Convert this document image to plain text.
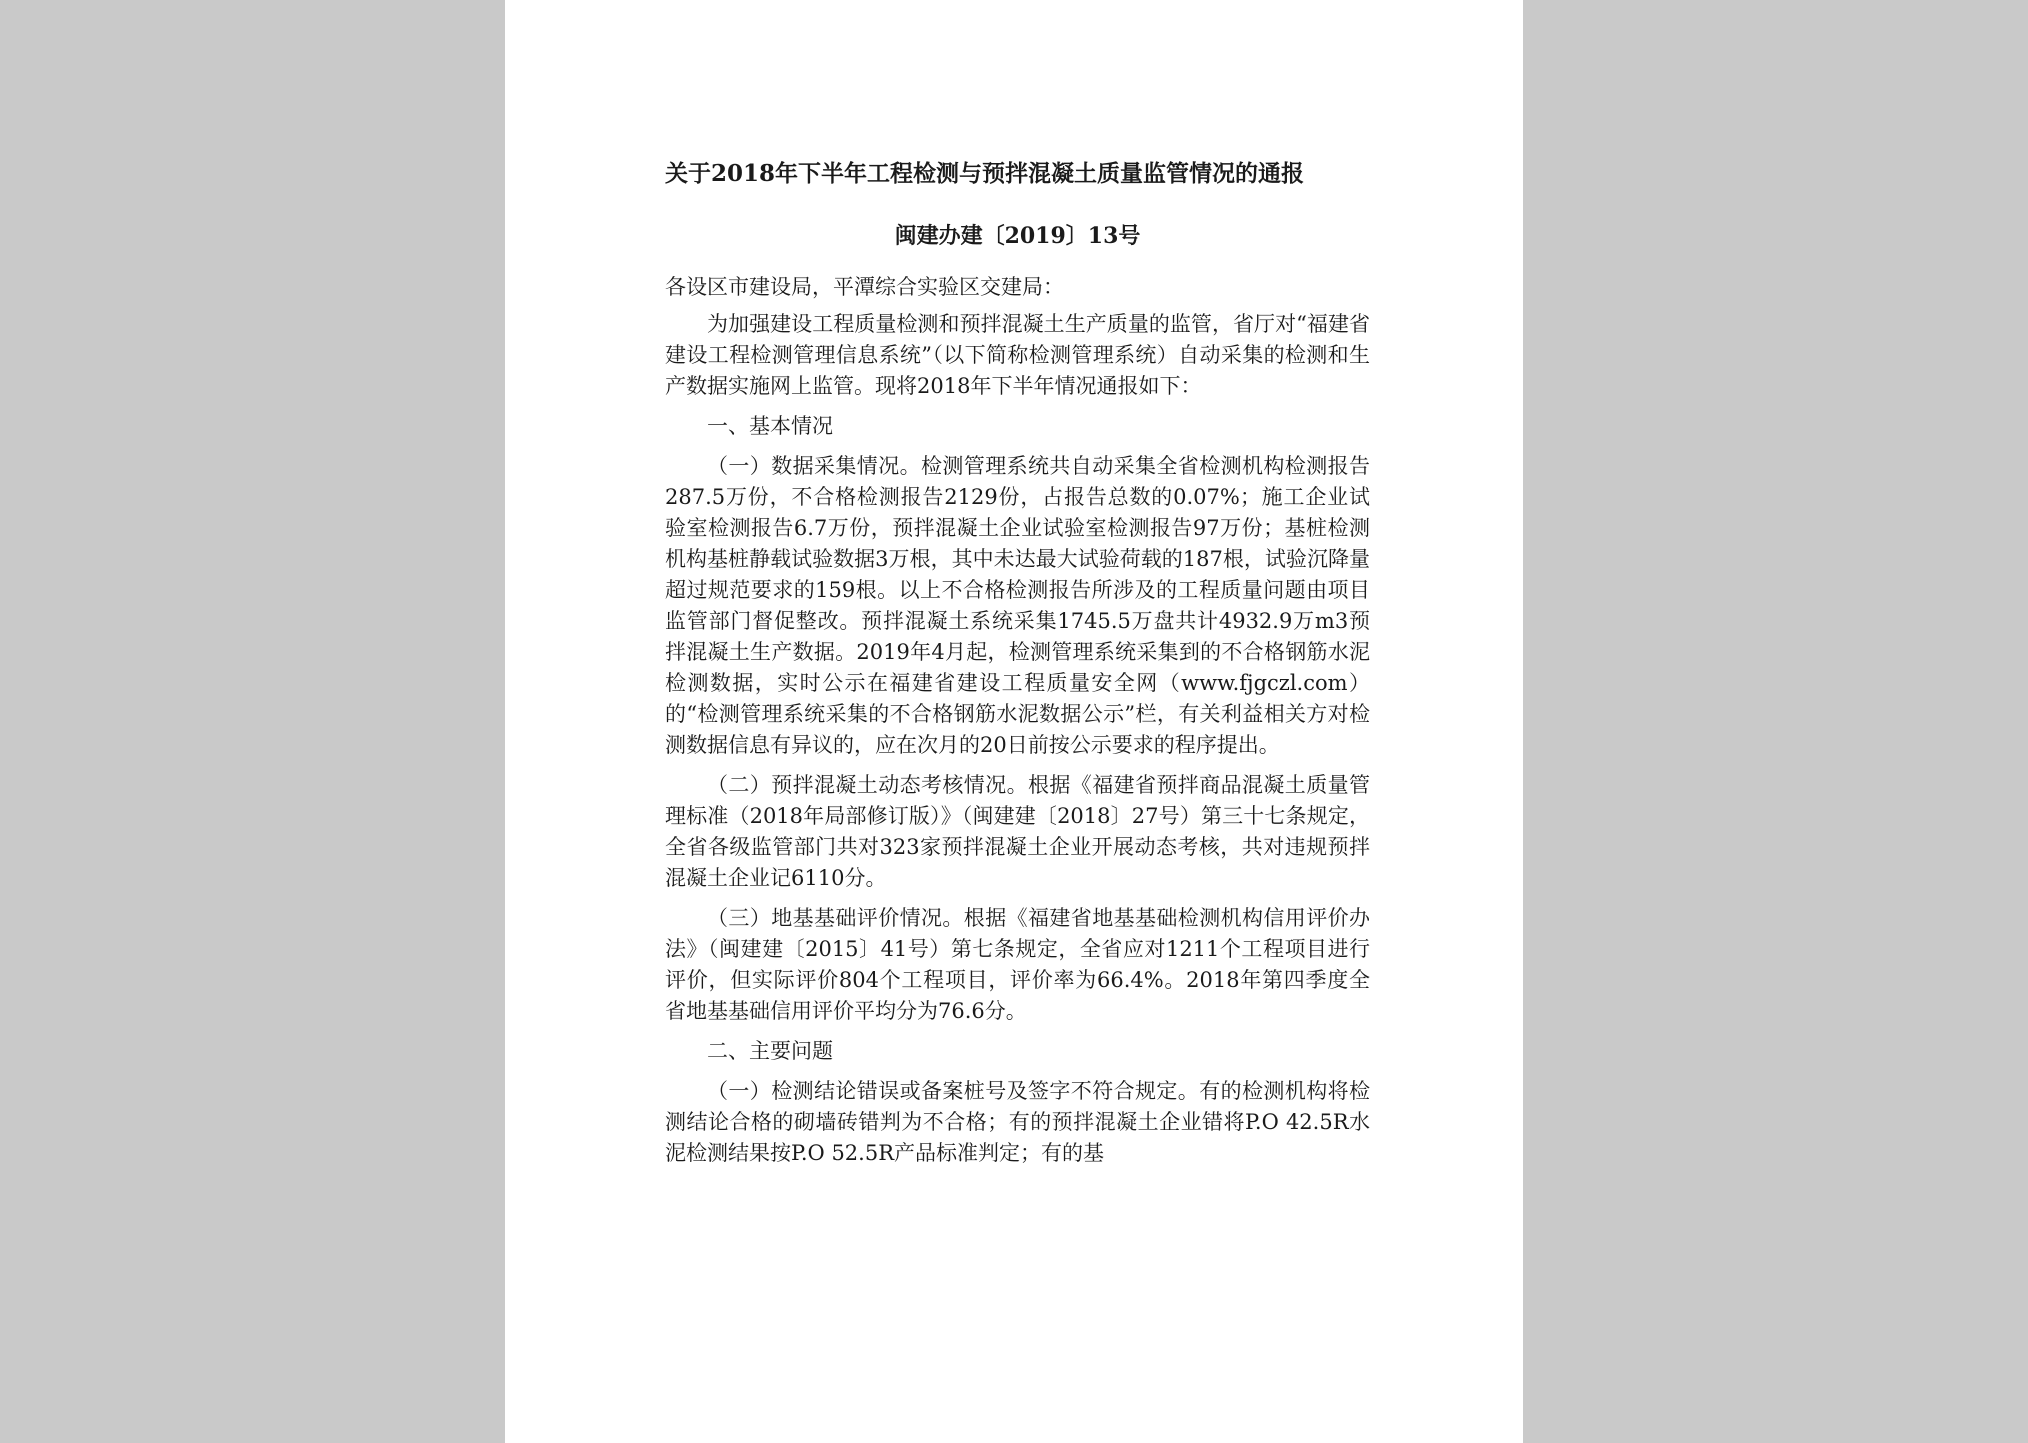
关于2018年下半年工程检测与预拌混凝土质量监管情况的通报
闽建办建〔2019〕13号
各设区市建设局，平潭综合实验区交建局：
为加强建设工程质量检测和预拌混凝土生产质量的监管，省厅对“福建省建设工程检测管理信息系统”（以下简称检测管理系统）自动采集的检测和生产数据实施网上监管。现将2018年下半年情况通报如下：
一、基本情况
（一）数据采集情况。检测管理系统共自动采集全省检测机构检测报告287.5万份，不合格检测报告2129份，占报告总数的0.07%；施工企业试验室检测报告6.7万份，预拌混凝土企业试验室检测报告97万份；基桩检测机构基桩静载试验数据3万根，其中未达最大试验荷载的187根，试验沉降量超过规范要求的159根。以上不合格检测报告所涉及的工程质量问题由项目监管部门督促整改。预拌混凝土系统采集1745.5万盘共计4932.9万m3预拌混凝土生产数据。2019年4月起，检测管理系统采集到的不合格钢筋水泥检测数据，实时公示在福建省建设工程质量安全网（www.fjgczl.com）的“检测管理系统采集的不合格钢筋水泥数据公示”栏，有关利益相关方对检测数据信息有异议的，应在次月的20日前按公示要求的程序提出。
（二）预拌混凝土动态考核情况。根据《福建省预拌商品混凝土质量管理标准（2018年局部修订版）》（闽建建〔2018〕27号）第三十七条规定，全省各级监管部门共对323家预拌混凝土企业开展动态考核，共对违规预拌混凝土企业记6110分。
（三）地基基础评价情况。根据《福建省地基基础检测机构信用评价办法》（闽建建〔2015〕41号）第七条规定，全省应对1211个工程项目进行评价，但实际评价804个工程项目，评价率为66.4%。2018年第四季度全省地基基础信用评价平均分为76.6分。
二、主要问题
（一）检测结论错误或备案桩号及签字不符合规定。有的检测机构将检测结论合格的砌墙砖错判为不合格；有的预拌混凝土企业错将P.O 42.5R水泥检测结果按P.O 52.5R产品标准判定；有的基
